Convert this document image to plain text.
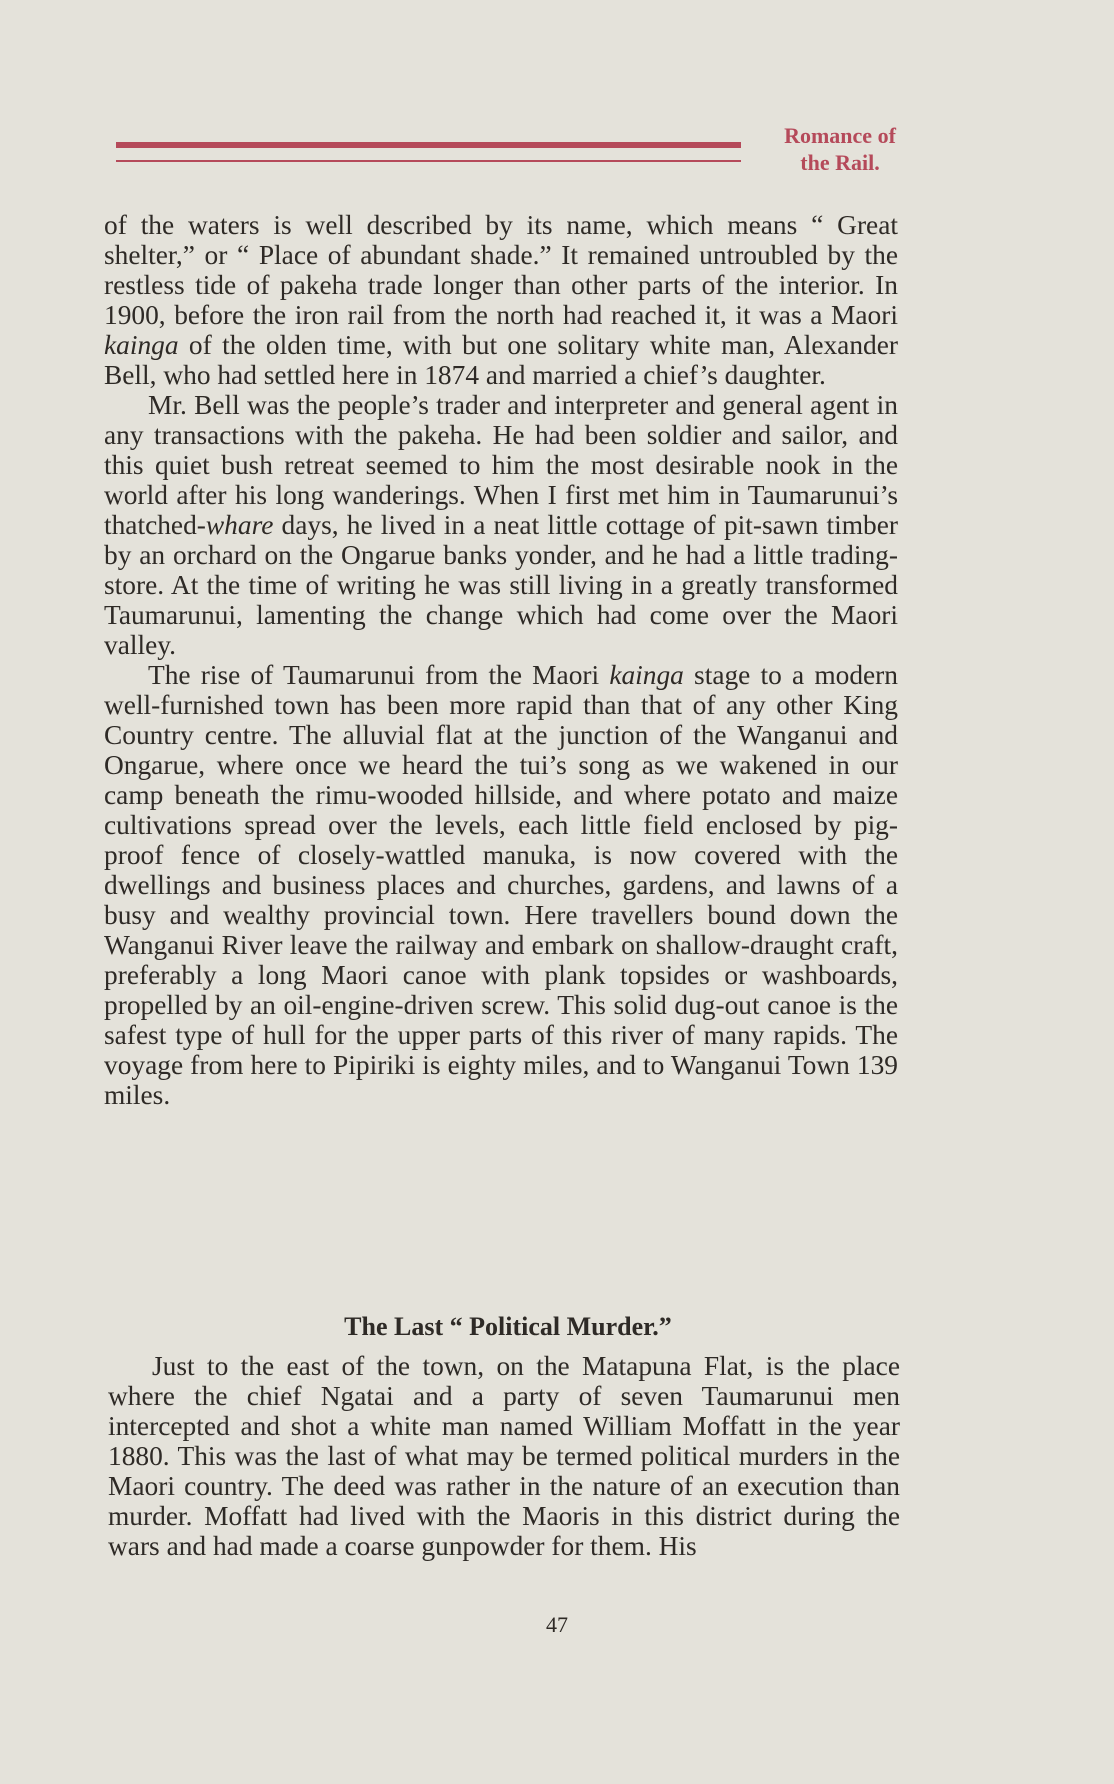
Romance of
the Rail.

of the waters is well described by its name, which means “ Great shelter,” or “ Place of abundant shade.” It remained untroubled by the restless tide of pakeha trade longer than other parts of the interior. In 1900, before the iron rail from the north had reached it, it was a Maori kainga of the olden time, with but one solitary white man, Alexander Bell, who had settled here in 1874 and married a chief’s daughter.

Mr. Bell was the people’s trader and interpreter and general agent in any transactions with the pakeha. He had been soldier and sailor, and this quiet bush retreat seemed to him the most desirable nook in the world after his long wanderings. When I first met him in Taumarunui’s thatched-whare days, he lived in a neat little cottage of pit-sawn timber by an orchard on the Ongarue banks yonder, and he had a little trading-store. At the time of writing he was still living in a greatly transformed Taumarunui, lamenting the change which had come over the Maori valley.

The rise of Taumarunui from the Maori kainga stage to a modern well-furnished town has been more rapid than that of any other King Country centre. The alluvial flat at the junction of the Wanganui and Ongarue, where once we heard the tui’s song as we wakened in our camp beneath the rimu-wooded hillside, and where potato and maize cultivations spread over the levels, each little field enclosed by pig-proof fence of closely-wattled manuka, is now covered with the dwellings and business places and churches, gardens, and lawns of a busy and wealthy provincial town. Here travellers bound down the Wanganui River leave the railway and embark on shallow-draught craft, preferably a long Maori canoe with plank topsides or washboards, propelled by an oil-engine-driven screw. This solid dug-out canoe is the safest type of hull for the upper parts of this river of many rapids. The voyage from here to Pipiriki is eighty miles, and to Wanganui Town 139 miles.

The Last “ Political Murder.”

Just to the east of the town, on the Matapuna Flat, is the place where the chief Ngatai and a party of seven Taumarunui men intercepted and shot a white man named William Moffatt in the year 1880. This was the last of what may be termed political murders in the Maori country. The deed was rather in the nature of an execution than murder. Moffatt had lived with the Maoris in this district during the wars and had made a coarse gunpowder for them. His

47
